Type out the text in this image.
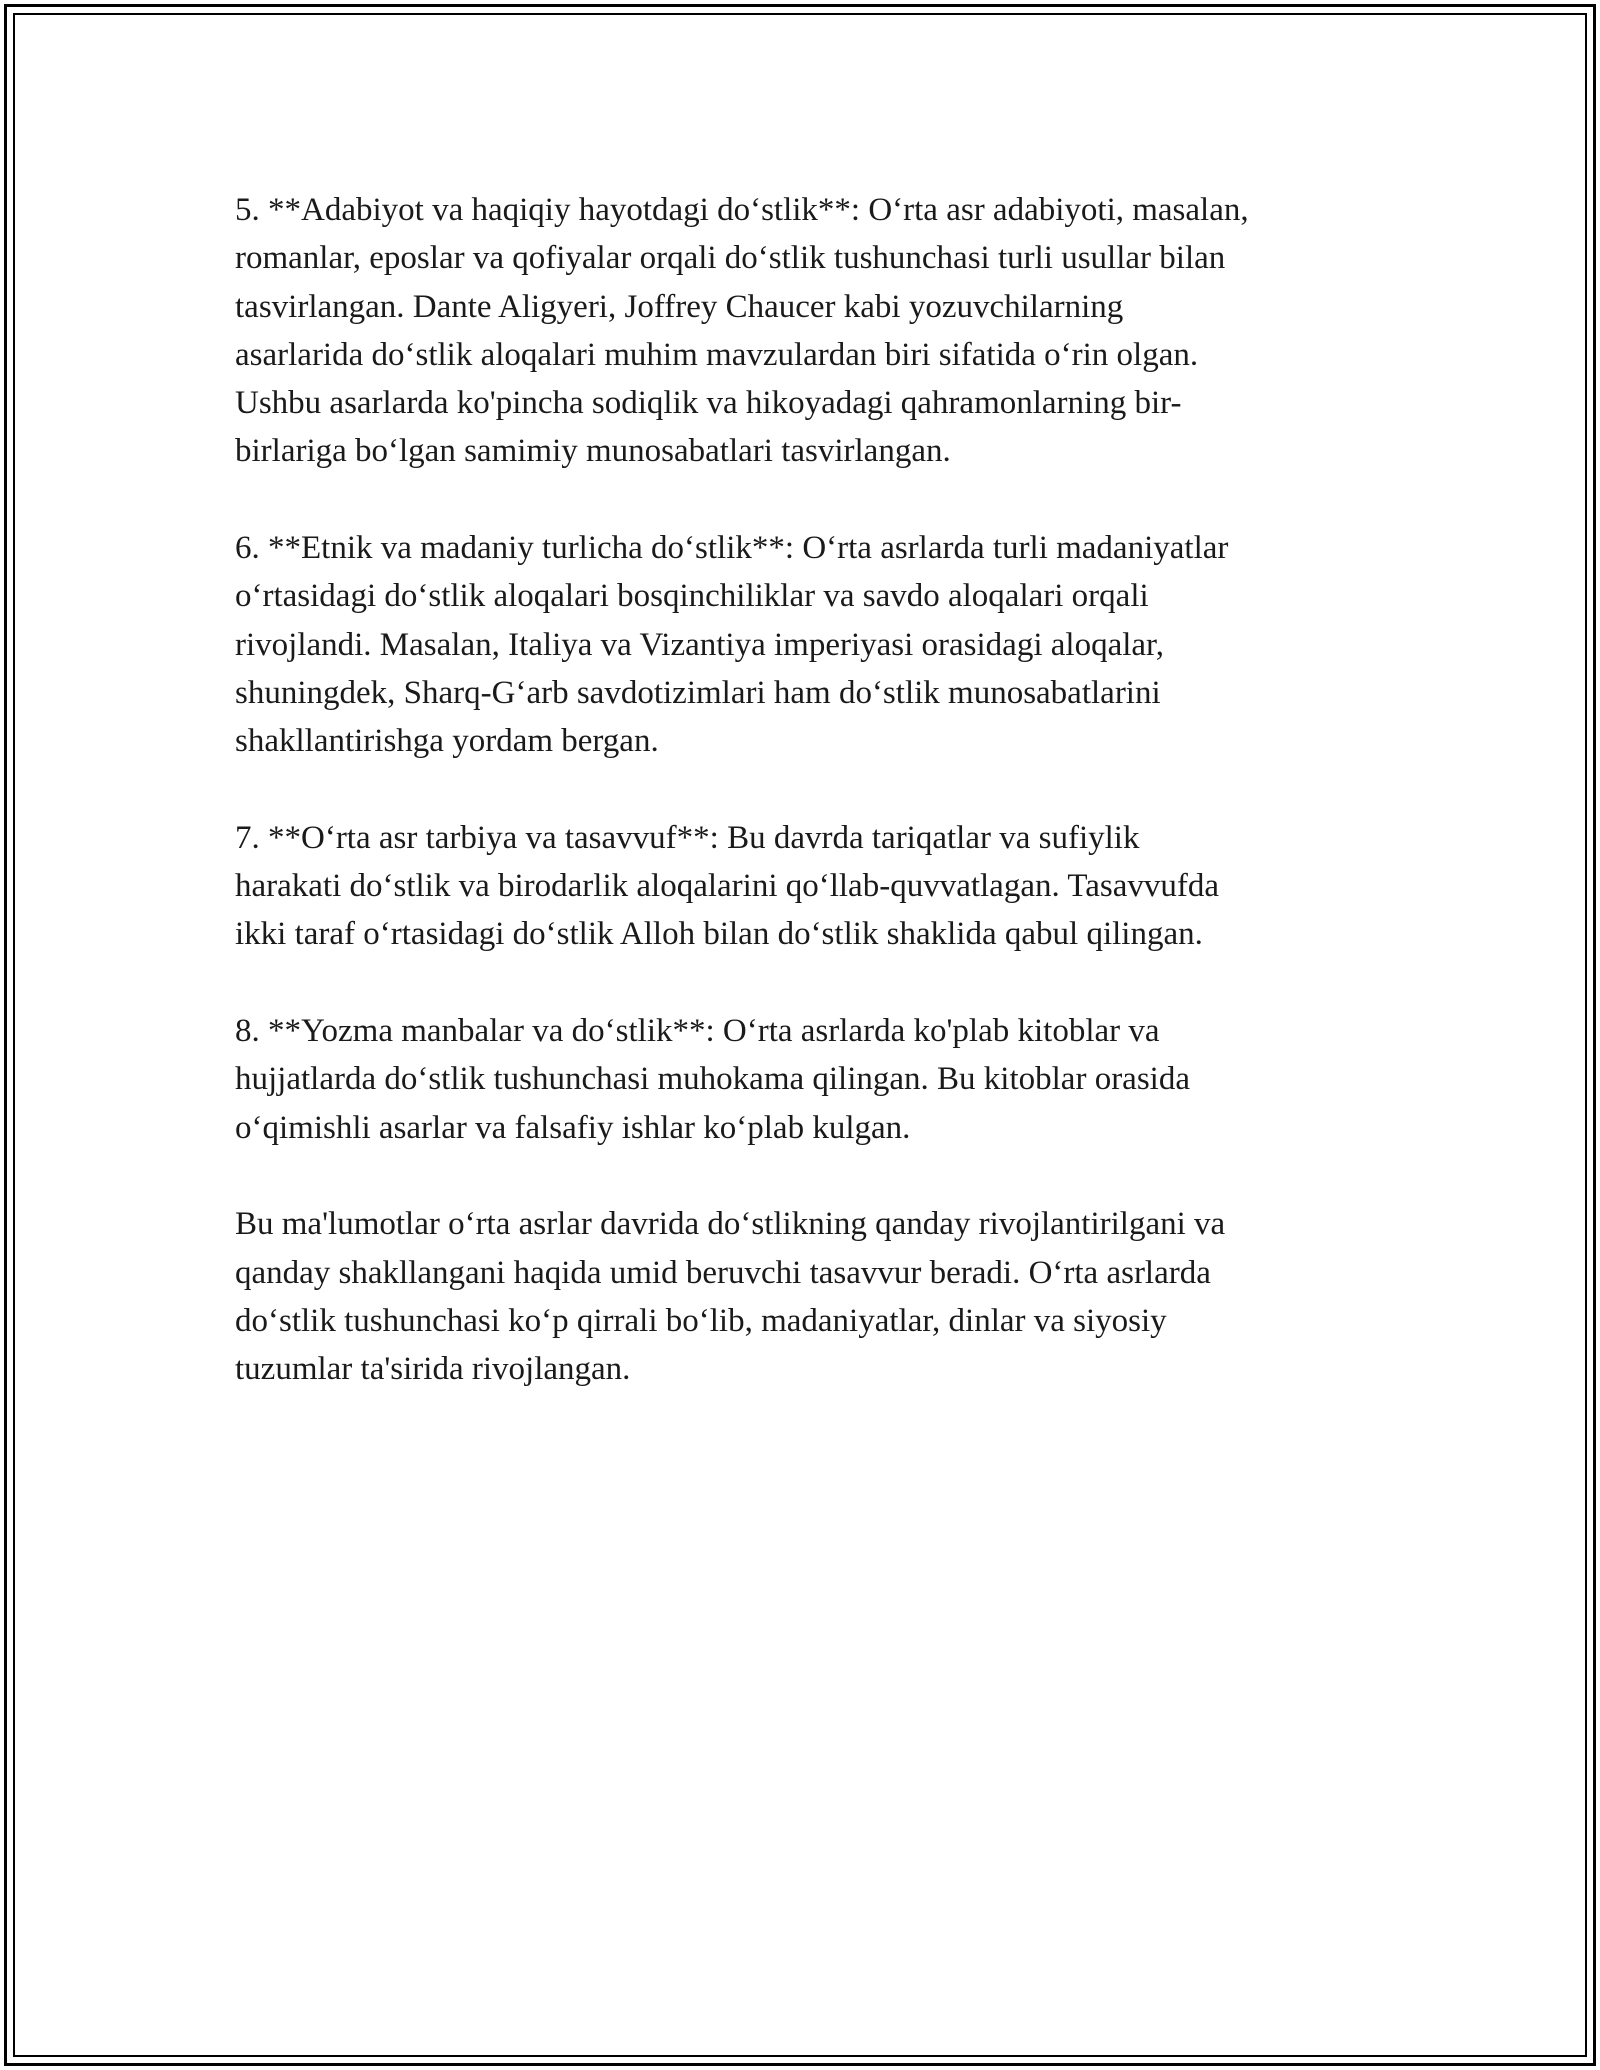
5. **Adabiyot va haqiqiy hayotdagi do‘stlik**: O‘rta asr adabiyoti, masalan,
romanlar, eposlar va qofiyalar orqali do‘stlik tushunchasi turli usullar bilan
tasvirlangan. Dante Aligyeri, Joffrey Chaucer kabi yozuvchilarning
asarlarida do‘stlik aloqalari muhim mavzulardan biri sifatida o‘rin olgan.
Ushbu asarlarda ko'pincha sodiqlik va hikoyadagi qahramonlarning bir-
birlariga bo‘lgan samimiy munosabatlari tasvirlangan.

6. **Etnik va madaniy turlicha do‘stlik**: O‘rta asrlarda turli madaniyatlar
o‘rtasidagi do‘stlik aloqalari bosqinchiliklar va savdo aloqalari orqali
rivojlandi. Masalan, Italiya va Vizantiya imperiyasi orasidagi aloqalar,
shuningdek, Sharq-G‘arb savdotizimlari ham do‘stlik munosabatlarini
shakllantirishga yordam bergan.

7. **O‘rta asr tarbiya va tasavvuf**: Bu davrda tariqatlar va sufiylik
harakati do‘stlik va birodarlik aloqalarini qo‘llab-quvvatlagan. Tasavvufda
ikki taraf o‘rtasidagi do‘stlik Alloh bilan do‘stlik shaklida qabul qilingan.

8. **Yozma manbalar va do‘stlik**: O‘rta asrlarda ko'plab kitoblar va
hujjatlarda do‘stlik tushunchasi muhokama qilingan. Bu kitoblar orasida
o‘qimishli asarlar va falsafiy ishlar ko‘plab kulgan.

Bu ma'lumotlar o‘rta asrlar davrida do‘stlikning qanday rivojlantirilgani va
qanday shakllangani haqida umid beruvchi tasavvur beradi. O‘rta asrlarda
do‘stlik tushunchasi ko‘p qirrali bo‘lib, madaniyatlar, dinlar va siyosiy
tuzumlar ta'sirida rivojlangan.
